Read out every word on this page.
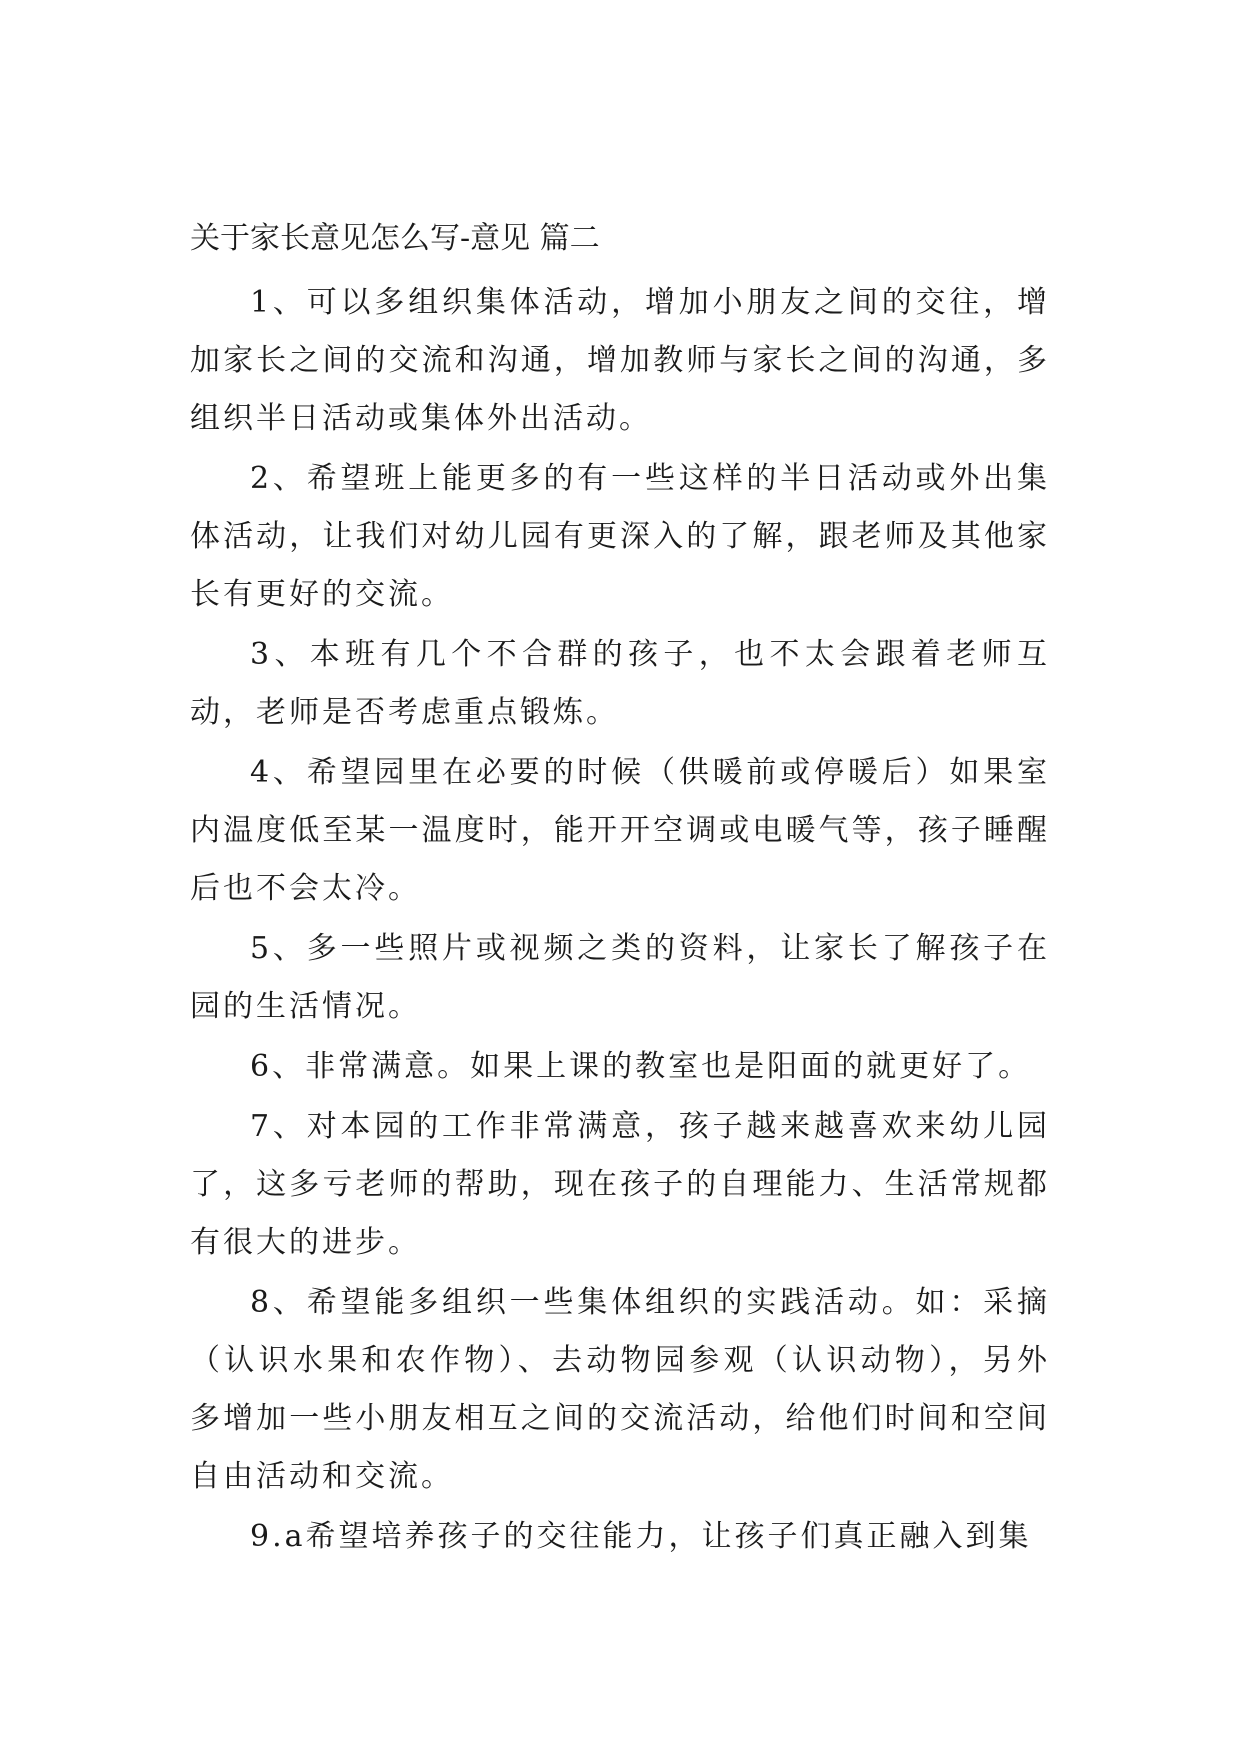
关于家长意见怎么写-意见 篇二

1、可以多组织集体活动，增加小朋友之间的交往，增加家长之间的交流和沟通，增加教师与家长之间的沟通，多组织半日活动或集体外出活动。

2、希望班上能更多的有一些这样的半日活动或外出集体活动，让我们对幼儿园有更深入的了解，跟老师及其他家长有更好的交流。

3、本班有几个不合群的孩子，也不太会跟着老师互动，老师是否考虑重点锻炼。

4、希望园里在必要的时候（供暖前或停暖后）如果室内温度低至某一温度时，能开开空调或电暖气等，孩子睡醒后也不会太冷。

5、多一些照片或视频之类的资料，让家长了解孩子在园的生活情况。

6、非常满意。如果上课的教室也是阳面的就更好了。

7、对本园的工作非常满意，孩子越来越喜欢来幼儿园了，这多亏老师的帮助，现在孩子的自理能力、生活常规都有很大的进步。

8、希望能多组织一些集体组织的实践活动。如：采摘（认识水果和农作物）、去动物园参观（认识动物），另外多增加一些小朋友相互之间的交流活动，给他们时间和空间自由活动和交流。

9.a希望培养孩子的交往能力，让孩子们真正融入到集
